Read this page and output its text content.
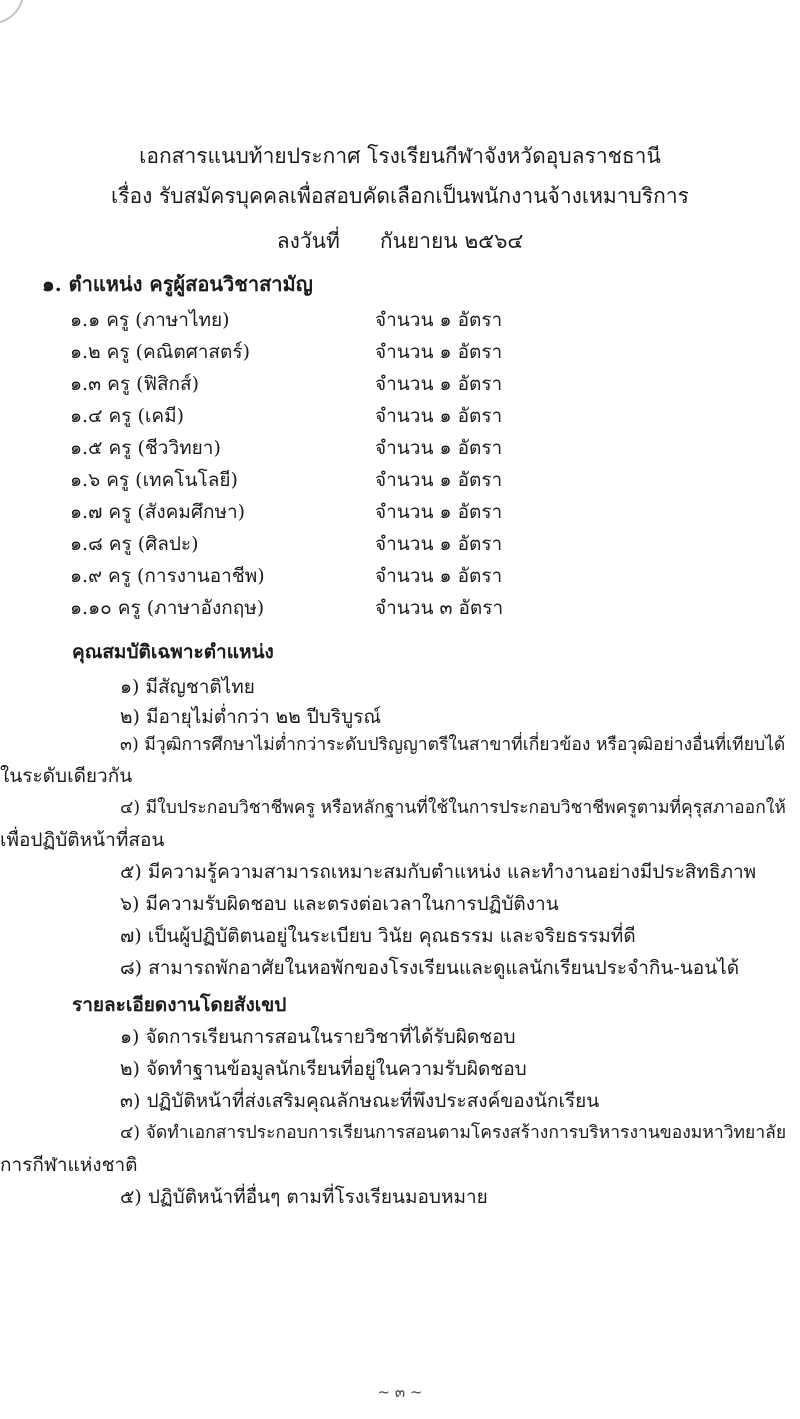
เอกสารแนบท้ายประกาศ โรงเรียนกีฬาจังหวัดอุบลราชธานี
เรื่อง รับสมัครบุคคลเพื่อสอบคัดเลือกเป็นพนักงานจ้างเหมาบริการ
ลงวันที่ กันยายน ๒๕๖๔
๑. ตำแหน่ง ครูผู้สอนวิชาสามัญ
๑.๑ ครู (ภาษาไทย)	จำนวน ๑ อัตรา
๑.๒ ครู (คณิตศาสตร์)	จำนวน ๑ อัตรา
๑.๓ ครู (ฟิสิกส์)	จำนวน ๑ อัตรา
๑.๔ ครู (เคมี)	จำนวน ๑ อัตรา
๑.๕ ครู (ชีววิทยา)	จำนวน ๑ อัตรา
๑.๖ ครู (เทคโนโลยี)	จำนวน ๑ อัตรา
๑.๗ ครู (สังคมศึกษา)	จำนวน ๑ อัตรา
๑.๘ ครู (ศิลปะ)	จำนวน ๑ อัตรา
๑.๙ ครู (การงานอาชีพ)	จำนวน ๑ อัตรา
๑.๑๐ ครู (ภาษาอังกฤษ)	จำนวน ๓ อัตรา
คุณสมบัติเฉพาะตำแหน่ง
๑) มีสัญชาติไทย
๒) มีอายุไม่ต่ำกว่า ๒๒ ปีบริบูรณ์
๓) มีวุฒิการศึกษาไม่ต่ำกว่าระดับปริญญาตรีในสาขาที่เกี่ยวข้อง หรือวุฒิอย่างอื่นที่เทียบได้
ในระดับเดียวกัน
๔) มีใบประกอบวิชาชีพครู หรือหลักฐานที่ใช้ในการประกอบวิชาชีพครูตามที่คุรุสภาออกให้
เพื่อปฏิบัติหน้าที่สอน
๕) มีความรู้ความสามารถเหมาะสมกับตำแหน่ง และทำงานอย่างมีประสิทธิภาพ
๖) มีความรับผิดชอบ และตรงต่อเวลาในการปฏิบัติงาน
๗) เป็นผู้ปฏิบัติตนอยู่ในระเบียบ วินัย คุณธรรม และจริยธรรมที่ดี
๘) สามารถพักอาศัยในหอพักของโรงเรียนและดูแลนักเรียนประจำกิน-นอนได้
รายละเอียดงานโดยสังเขป
๑) จัดการเรียนการสอนในรายวิชาที่ได้รับผิดชอบ
๒) จัดทำฐานข้อมูลนักเรียนที่อยู่ในความรับผิดชอบ
๓) ปฏิบัติหน้าที่ส่งเสริมคุณลักษณะที่พึงประสงค์ของนักเรียน
๔) จัดทำเอกสารประกอบการเรียนการสอนตามโครงสร้างการบริหารงานของมหาวิทยาลัย
การกีฬาแห่งชาติ
๕) ปฏิบัติหน้าที่อื่นๆ ตามที่โรงเรียนมอบหมาย
~ ๓ ~
